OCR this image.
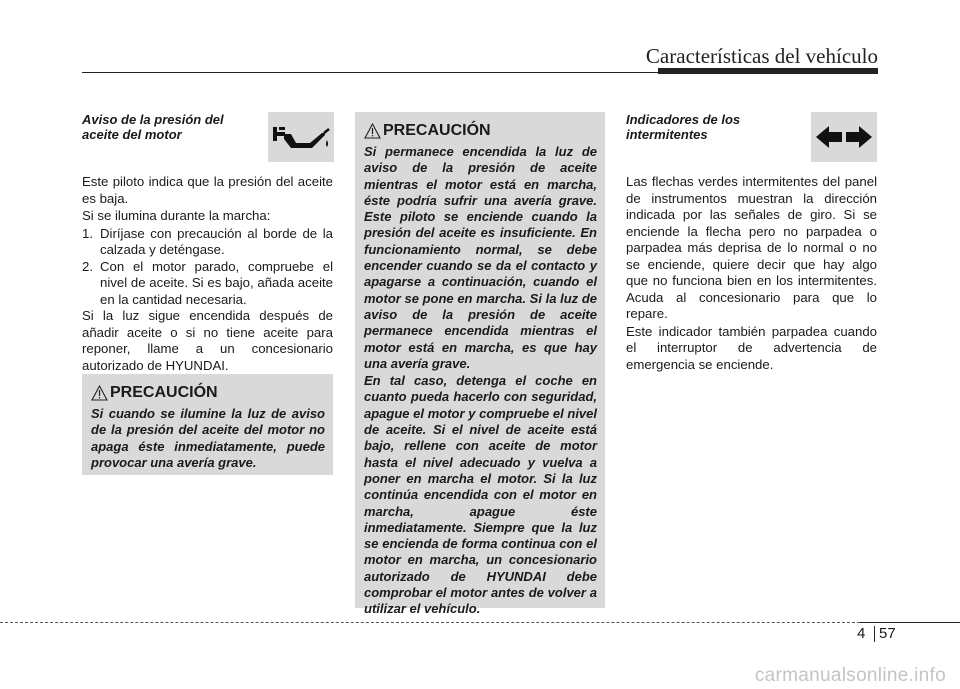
Características del vehículo
Aviso de la presión del aceite del motor

Este piloto indica que la presión del aceite es baja.

Si se ilumina durante la marcha:

1. Diríjase con precaución al borde de la calzada y deténgase.
2. Con el motor parado, compruebe el nivel de aceite. Si es bajo, añada aceite en la cantidad necesaria.

Si la luz sigue encendida después de añadir aceite o si no tiene aceite para reponer, llame a un concesionario autorizado de HYUNDAI.

PRECAUCIÓN
Si cuando se ilumine la luz de aviso de la presión del aceite del motor no apaga éste inmediatamente, puede provocar una avería grave.
PRECAUCIÓN

Si permanece encendida la luz de aviso de la presión de aceite mientras el motor está en marcha, éste podría sufrir una avería grave. Este piloto se enciende cuando la presión del aceite es insuficiente. En funcionamiento normal, se debe encender cuando se da el contacto y apagarse a continuación, cuando el motor se pone en marcha. Si la luz de aviso de la presión de aceite permanece encendida mientras el motor está en marcha, es que hay una avería grave.

En tal caso, detenga el coche en cuanto pueda hacerlo con seguridad, apague el motor y compruebe el nivel de aceite. Si el nivel de aceite está bajo, rellene con aceite de motor hasta el nivel adecuado y vuelva a poner en marcha el motor. Si la luz continúa encendida con el motor en marcha, apague éste inmediatamente. Siempre que la luz se encienda de forma continua con el motor en marcha, un concesionario autorizado de HYUNDAI debe comprobar el motor antes de volver a utilizar el vehículo.

Indicadores de los intermitentes

Las flechas verdes intermitentes del panel de instrumentos muestran la dirección indicada por las señales de giro. Si se enciende la flecha pero no parpadea o parpadea más deprisa de lo normal o no se enciende, quiere decir que hay algo que no funciona bien en los intermitentes. Acuda al concesionario para que lo repare.

Este indicador también parpadea cuando el interruptor de advertencia de emergencia se enciende.

4 57
carmanualsonline.info
